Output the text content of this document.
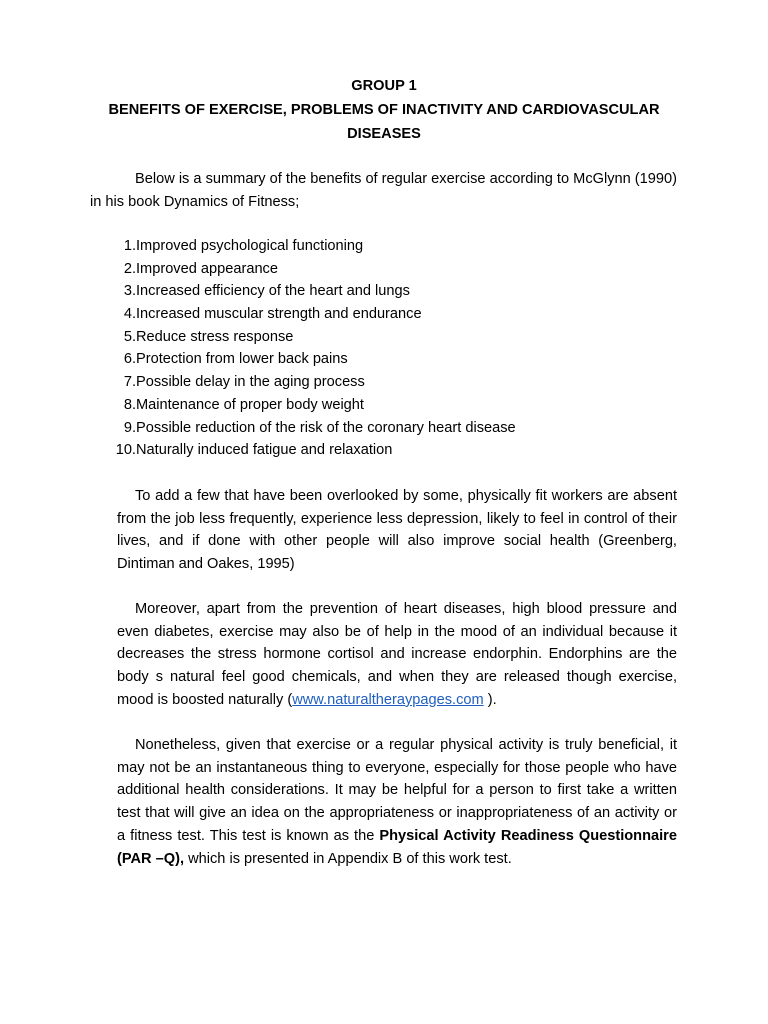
GROUP 1

BENEFITS OF EXERCISE, PROBLEMS OF INACTIVITY AND CARDIOVASCULAR DISEASES

Below is a summary of the benefits of regular exercise according to McGlynn (1990) in his book Dynamics of Fitness;

1. Improved psychological functioning
2. Improved appearance
3. Increased efficiency of the heart and lungs
4. Increased muscular strength and endurance
5. Reduce stress response
6. Protection from lower back pains
7. Possible delay in the aging process
8. Maintenance of proper body weight
9. Possible reduction of the risk of the coronary heart disease
10. Naturally induced fatigue and relaxation

To add a few that have been overlooked by some, physically fit workers are absent from the job less frequently, experience less depression, likely to feel in control of their lives, and if done with other people will also improve social health (Greenberg, Dintiman and Oakes, 1995)

Moreover, apart from the prevention of heart diseases, high blood pressure and even diabetes, exercise may also be of help in the mood of an individual because it decreases the stress hormone cortisol and increase endorphin. Endorphins are the body s natural feel good chemicals, and when they are released though exercise, mood is boosted naturally (www.naturaltheraypages.com ).

Nonetheless, given that exercise or a regular physical activity is truly beneficial, it may not be an instantaneous thing to everyone, especially for those people who have additional health considerations. It may be helpful for a person to first take a written test that will give an idea on the appropriateness or inappropriateness of an activity or a fitness test. This test is known as the Physical Activity Readiness Questionnaire (PAR –Q), which is presented in Appendix B of this work test.
